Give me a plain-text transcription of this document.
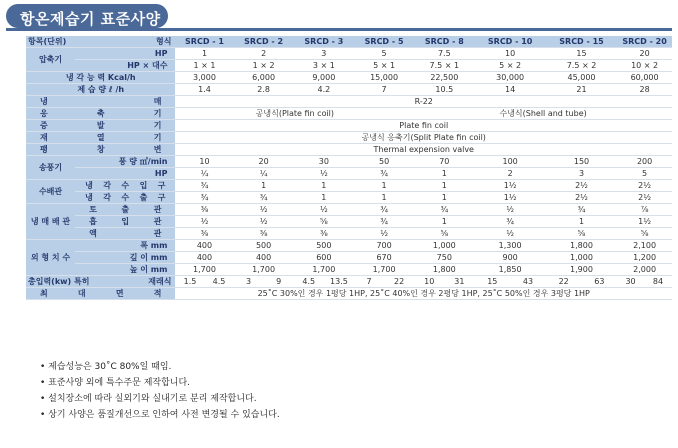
항온제습기 표준사양
항목(단위) 형식		SRCD - 1		SRCD - 2		SRCD - 3		SRCD - 5		SRCD - 8		SRCD - 10		SRCD - 15		SRCD - 20	
압축기	HP	1		2		3		5		7.5		10		15		20	
	HP × 대수	1 × 1		1 × 2		3 × 1		5 × 1		7.5 × 1		5 × 2		7.5 × 2		10 × 2	
냉 각 능 력 Kcal/h		3,000		6,000		9,000		15,000		22,500		30,000		45,000		60,000	
제 습 량 ℓ /h		1.4		2.8		4.2		7		10.5		14		21		28	
냉 매		R-22															
응 축 기		공냉식(Plate fin coil)								수냉식(Shell and tube)							
증 발 기		Plate fin coil															
재 열 기		공냉식 응축기(Split Plate fin coil)															
팽 창 변		Thermal expension valve															
송풍기	풍 량 ㎥/min	10		20		30		50		70		100		150		200	
	HP	¼		¼		½		¾		1		2		3		5	
수배관	냉 각 수 입 구	¾		1		1		1		1		1½		2½		2½	
	냉 각 수 출 구	¾		¾		1		1		1		1½		2½		2½	
냉 매 배 관	토 출 관	⅜		½		½		¾		¾		½		¾		⅞	
	흡 입 관	½		½		⅝		¾		1		¾		1		1½	
	액 관	⅜		⅜		⅜		½		⅝		½		⅝		⅝	
외 형 치 수	폭 mm	400		500		500		700		1,000		1,300		1,800		2,100	
	깊 이 mm	400		400		600		670		750		900		1,000		1,200	
	높 이 mm	1,700		1,700		1,700		1,700		1,800		1,850		1,900		2,000	
총입력(kw) 특히 재래식		1.5	4.5	3	9	4.5	13.5	7	22	10	31	15	43	22	63	30	84
최 대 면 적		25˚C 30%인 경우 1평당 1HP, 25˚C 40%인 경우 2평당 1HP, 25˚C 50%인 경우 3평당 1HP															
• 제습성능은 30˚C 80%일 때임.
• 표준사양 외에 특수주문 제작합니다.
• 설치장소에 따라 실외기와 실내기로 분리 제작합니다.
• 상기 사양은 품질개선으로 인하여 사전 변경될 수 있습니다.
